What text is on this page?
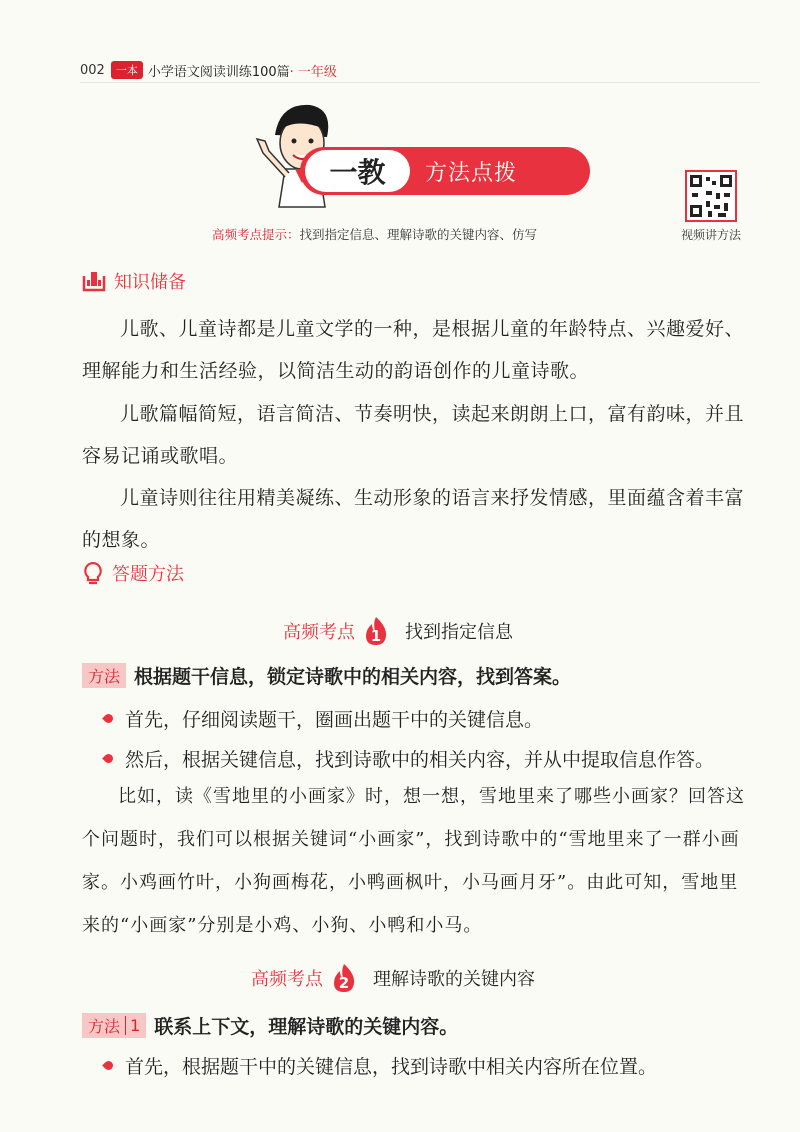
002	一本 小学语文阅读训练100篇 · 一年级
一教	方法点拨
高频考点提示：找到指定信息、理解诗歌的关键内容、仿写	视频讲方法
知识储备

儿歌、儿童诗都是儿童文学的一种，是根据儿童的年龄特点、兴趣爱好、理解能力和生活经验，以简洁生动的韵语创作的儿童诗歌。

儿歌篇幅简短，语言简洁、节奏明快，读起来朗朗上口，富有韵味，并且容易记诵或歌唱。

儿童诗则往往用精美凝练、生动形象的语言来抒发情感，里面蕴含着丰富的想象。

答题方法
高频考点 1 找到指定信息
方法 根据题干信息，锁定诗歌中的相关内容，找到答案。
首先，仔细阅读题干，圈画出题干中的关键信息。
然后，根据关键信息，找到诗歌中的相关内容，并从中提取信息作答。

比如，读《雪地里的小画家》时，想一想，雪地里来了哪些小画家？回答这个问题时，我们可以根据关键词“小画家”，找到诗歌中的“雪地里来了一群小画家。小鸡画竹叶，小狗画梅花，小鸭画枫叶，小马画月牙”。由此可知，雪地里来的“小画家”分别是小鸡、小狗、小鸭和小马。

高频考点 2 理解诗歌的关键内容
方法 1 联系上下文，理解诗歌的关键内容。
首先，根据题干中的关键信息，找到诗歌中相关内容所在位置。
